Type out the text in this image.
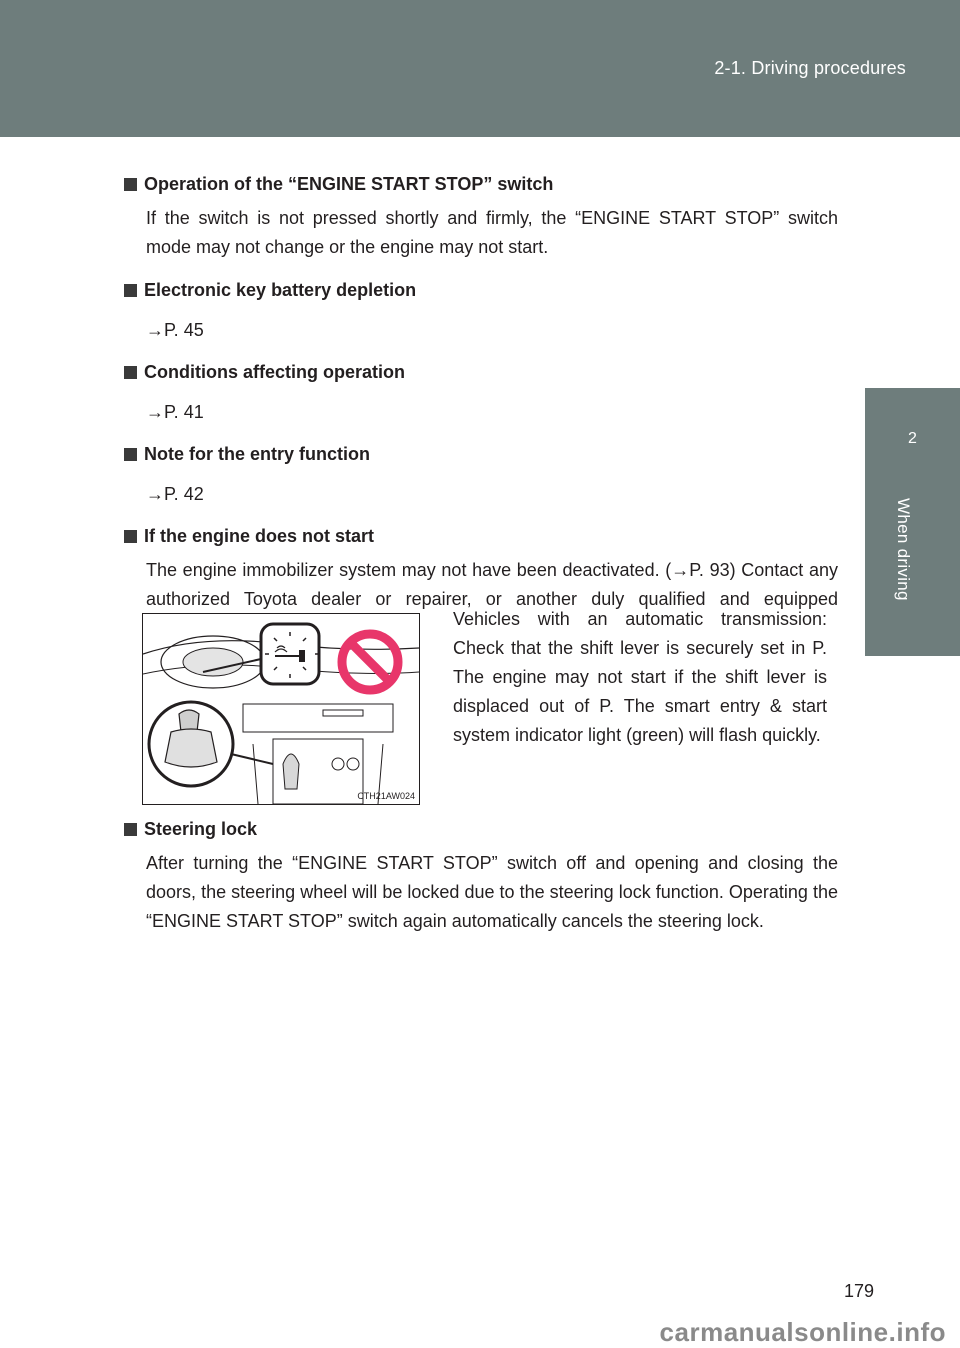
2-1. Driving procedures
2
When driving
Operation of the “ENGINE START STOP” switch
If the switch is not pressed shortly and firmly, the “ENGINE START STOP” switch mode may not change or the engine may not start.
Electronic key battery depletion
→P. 45
Conditions affecting operation
→P. 41
Note for the entry function
→P. 42
If the engine does not start
The engine immobilizer system may not have been deactivated. (→P. 93) Contact any authorized Toyota dealer or repairer, or another duly qualified and equipped
CTH21AW024
Vehicles with an automatic transmission: Check that the shift lever is securely set in P. The engine may not start if the shift lever is displaced out of P. The smart entry & start system indicator light (green) will flash quickly.
Steering lock
After turning the “ENGINE START STOP” switch off and opening and closing the doors, the steering wheel will be locked due to the steering lock function. Operating the “ENGINE START STOP” switch again automatically cancels the steering lock.
179
carmanualsonline.info
